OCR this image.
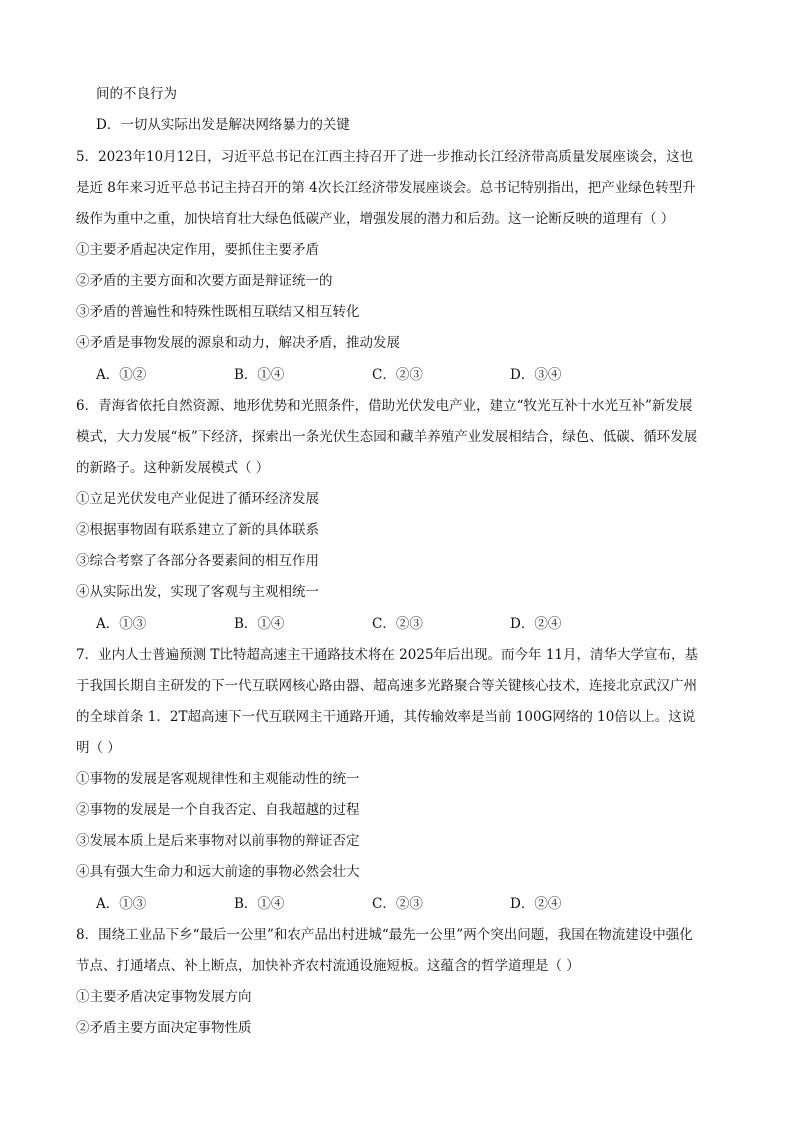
间的不良行为
D．一切从实际出发是解决网络暴力的关键
5．2023年10月12日，习近平总书记在江西主持召开了进一步推动长江经济带高质量发展座谈会，这也
是近 8年来习近平总书记主持召开的第 4次长江经济带发展座谈会。总书记特别指出，把产业绿色转型升
级作为重中之重，加快培育壮大绿色低碳产业，增强发展的潜力和后劲。这一论断反映的道理有（ ）
①主要矛盾起决定作用，要抓住主要矛盾
②矛盾的主要方面和次要方面是辩证统一的
③矛盾的普遍性和特殊性既相互联结又相互转化
④矛盾是事物发展的源泉和动力，解决矛盾，推动发展
A．①②	B．①④	C．②③	D．③④
6．青海省依托自然资源、地形优势和光照条件，借助光伏发电产业，建立“牧光互补十水光互补”新发展
模式，大力发展“板”下经济，探索出一条光伏生态园和藏羊养殖产业发展相结合，绿色、低碳、循环发展
的新路子。这种新发展模式（ ）
①立足光伏发电产业促进了循环经济发展
②根据事物固有联系建立了新的具体联系
③综合考察了各部分各要素间的相互作用
④从实际出发，实现了客观与主观相统一
A．①③	B．①④	C．②③	D．②④
7．业内人士普遍预测 T比特超高速主干通路技术将在 2025年后出现。而今年 11月，清华大学宣布，基
于我国长期自主研发的下一代互联网核心路由器、超高速多光路聚合等关键核心技术，连接北京武汉广州
的全球首条 1．2T超高速下一代互联网主干通路开通，其传输效率是当前 100G网络的 10倍以上。这说
明（ ）
①事物的发展是客观规律性和主观能动性的统一
②事物的发展是一个自我否定、自我超越的过程
③发展本质上是后来事物对以前事物的辩证否定
④具有强大生命力和远大前途的事物必然会壮大
A．①③	B．①④	C．②③	D．②④
8．围绕工业品下乡“最后一公里”和农产品出村进城“最先一公里”两个突出问题，我国在物流建设中强化
节点、打通堵点、补上断点，加快补齐农村流通设施短板。这蕴含的哲学道理是（ ）
①主要矛盾决定事物发展方向
②矛盾主要方面决定事物性质
